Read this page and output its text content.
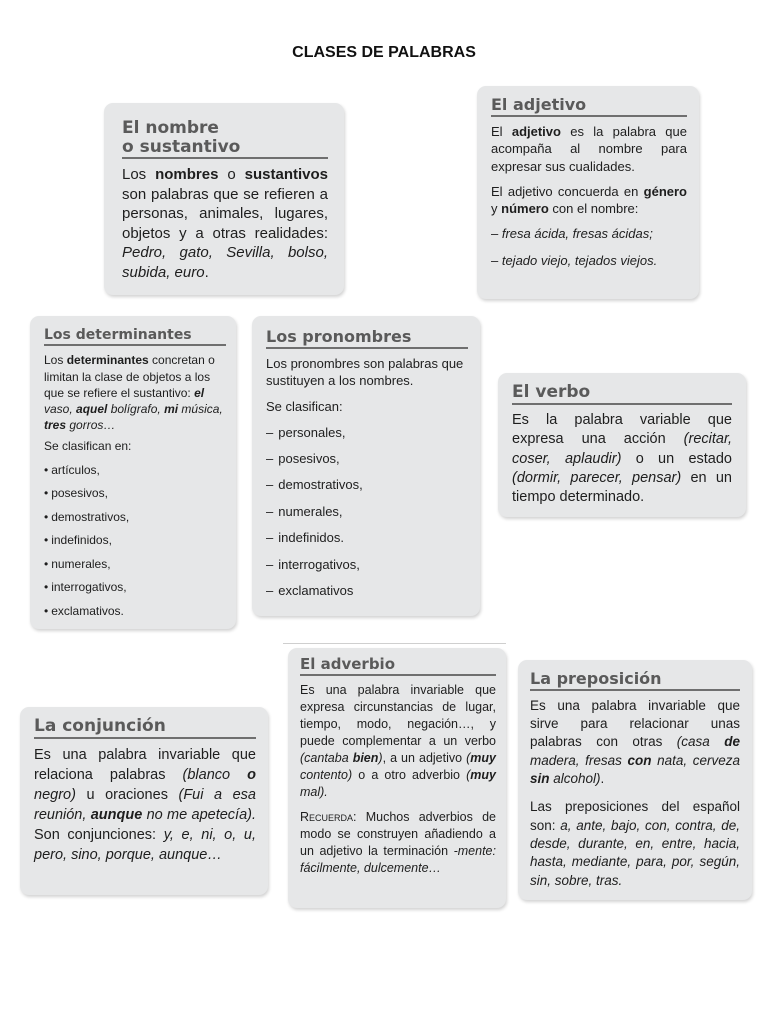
CLASES DE PALABRAS
El nombre
o sustantivo
Los nombres o sustantivos son palabras que se refieren a personas, animales, lugares, objetos y a otras realidades: Pedro, gato, Sevilla, bolso, subida, euro.
El adjetivo

El adjetivo es la palabra que acompaña al nombre para expresar sus cualidades.

El adjetivo concuerda en género y número con el nombre:

– fresa ácida, fresas ácidas;

– tejado viejo, tejados viejos.

Los determinantes

Los determinantes concretan o limitan la clase de objetos a los que se refiere el sustantivo: el vaso, aquel bolígrafo, mi música, tres gorros…

Se clasifican en:

• artículos,
• posesivos,
• demostrativos,
• indefinidos,
• numerales,
• interrogativos,
• exclamativos.
Los pronombres

Los pronombres son palabras que sustituyen a los nombres.

Se clasifican:

– personales,
– posesivos,
– demostrativos,
– numerales,
– indefinidos.
– interrogativos,
– exclamativos
El verbo
Es la palabra variable que expresa una acción (recitar, coser, aplaudir) o un estado (dormir, parecer, pensar) en un tiempo determinado.
El adverbio

Es una palabra invariable que expresa circunstancias de lugar, tiempo, modo, negación…, y puede complementar a un verbo (cantaba bien), a un adjetivo (muy contento) o a otro adverbio (muy mal).

Recuerda: Muchos adverbios de modo se construyen añadiendo a un adjetivo la terminación -mente: fácilmente, dulcemente…

La conjunción
Es una palabra invariable que relaciona palabras (blanco o negro) u oraciones (Fui a esa reunión, aunque no me apetecía). Son conjunciones: y, e, ni, o, u, pero, sino, porque, aunque…
La preposición

Es una palabra invariable que sirve para relacionar unas palabras con otras (casa de madera, fresas con nata, cerveza sin alcohol).

Las preposiciones del español son: a, ante, bajo, con, contra, de, desde, durante, en, entre, hacia, hasta, mediante, para, por, según, sin, sobre, tras.
